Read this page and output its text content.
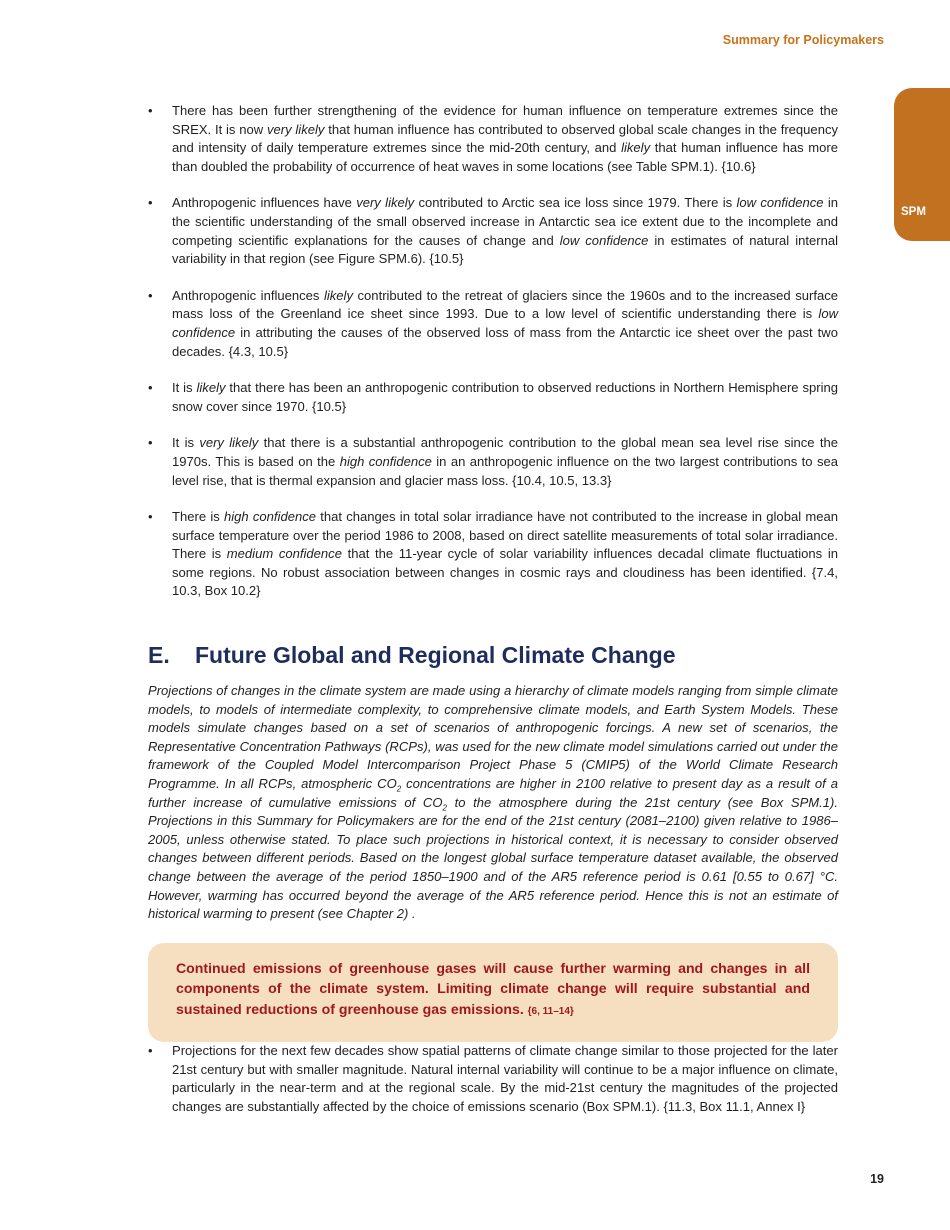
Summary for Policymakers
SPM

• There has been further strengthening of the evidence for human influence on temperature extremes since the SREX. It is now very likely that human influence has contributed to observed global scale changes in the frequency and intensity of daily temperature extremes since the mid-20th century, and likely that human influence has more than doubled the probability of occurrence of heat waves in some locations (see Table SPM.1). {10.6}

• Anthropogenic influences have very likely contributed to Arctic sea ice loss since 1979. There is low confidence in the scientific understanding of the small observed increase in Antarctic sea ice extent due to the incomplete and competing scientific explanations for the causes of change and low confidence in estimates of natural internal variability in that region (see Figure SPM.6). {10.5}

• Anthropogenic influences likely contributed to the retreat of glaciers since the 1960s and to the increased surface mass loss of the Greenland ice sheet since 1993. Due to a low level of scientific understanding there is low confidence in attributing the causes of the observed loss of mass from the Antarctic ice sheet over the past two decades. {4.3, 10.5}

• It is likely that there has been an anthropogenic contribution to observed reductions in Northern Hemisphere spring snow cover since 1970. {10.5}

• It is very likely that there is a substantial anthropogenic contribution to the global mean sea level rise since the 1970s. This is based on the high confidence in an anthropogenic influence on the two largest contributions to sea level rise, that is thermal expansion and glacier mass loss. {10.4, 10.5, 13.3}

• There is high confidence that changes in total solar irradiance have not contributed to the increase in global mean surface temperature over the period 1986 to 2008, based on direct satellite measurements of total solar irradiance. There is medium confidence that the 11-year cycle of solar variability influences decadal climate fluctuations in some regions. No robust association between changes in cosmic rays and cloudiness has been identified. {7.4, 10.3, Box 10.2}

E.	Future Global and Regional Climate Change

Projections of changes in the climate system are made using a hierarchy of climate models ranging from simple climate models, to models of intermediate complexity, to comprehensive climate models, and Earth System Models. These models simulate changes based on a set of scenarios of anthropogenic forcings. A new set of scenarios, the Representative Concentration Pathways (RCPs), was used for the new climate model simulations carried out under the framework of the Coupled Model Intercomparison Project Phase 5 (CMIP5) of the World Climate Research Programme. In all RCPs, atmospheric $CO_2$ concentrations are higher in 2100 relative to present day as a result of a further increase of cumulative emissions of $CO_2$ to the atmosphere during the 21st century (see Box SPM.1). Projections in this Summary for Policymakers are for the end of the 21st century (2081–2100) given relative to 1986–2005, unless otherwise stated. To place such projections in historical context, it is necessary to consider observed changes between different periods. Based on the longest global surface temperature dataset available, the observed change between the average of the period 1850–1900 and of the AR5 reference period is 0.61 [0.55 to 0.67] °C. However, warming has occurred beyond the average of the AR5 reference period. Hence this is not an estimate of historical warming to present (see Chapter 2) .

Continued emissions of greenhouse gases will cause further warming and changes in all components of the climate system. Limiting climate change will require substantial and sustained reductions of greenhouse gas emissions. {6, 11–14}

• Projections for the next few decades show spatial patterns of climate change similar to those projected for the later 21st century but with smaller magnitude. Natural internal variability will continue to be a major influence on climate, particularly in the near-term and at the regional scale. By the mid-21st century the magnitudes of the projected changes are substantially affected by the choice of emissions scenario (Box SPM.1). {11.3, Box 11.1, Annex I}

19
